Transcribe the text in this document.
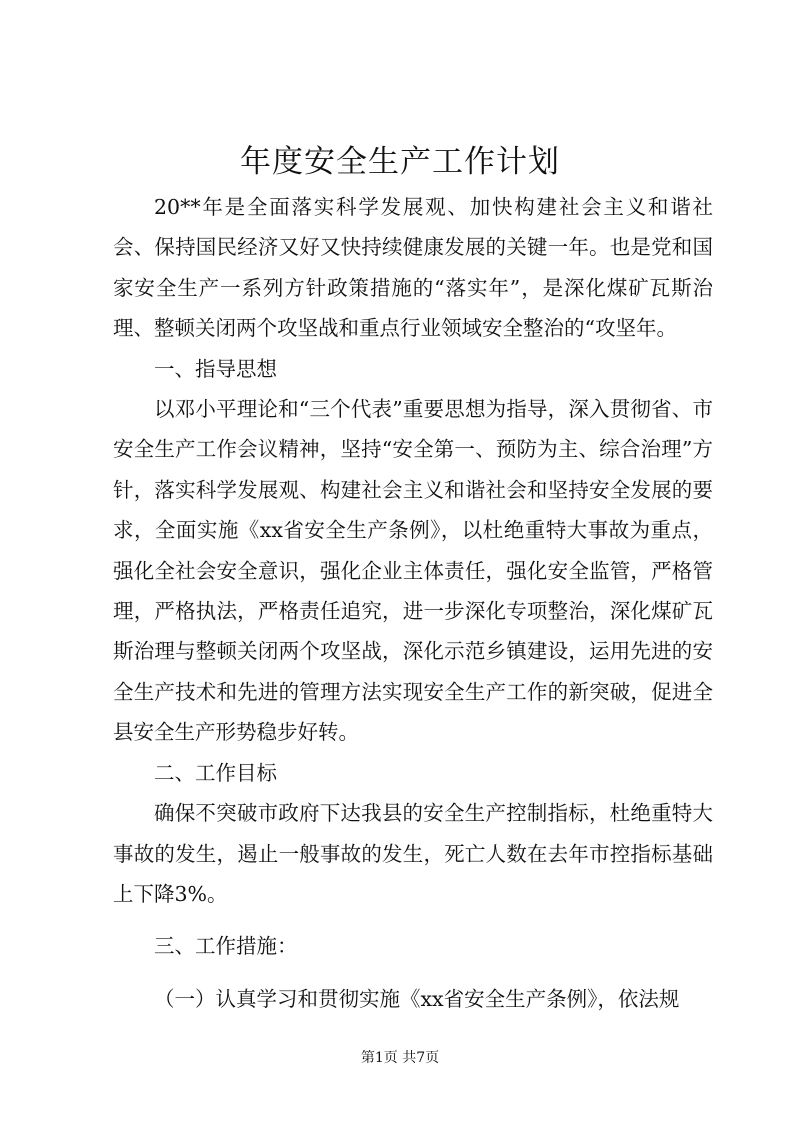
年度安全生产工作计划

20**年是全面落实科学发展观、加快构建社会主义和谐社会、保持国民经济又好又快持续健康发展的关键一年。也是党和国家安全生产一系列方针政策措施的“落实年”，是深化煤矿瓦斯治理、整顿关闭两个攻坚战和重点行业领域安全整治的“攻坚年。

一、指导思想

以邓小平理论和“三个代表”重要思想为指导，深入贯彻省、市安全生产工作会议精神，坚持“安全第一、预防为主、综合治理”方针，落实科学发展观、构建社会主义和谐社会和坚持安全发展的要求，全面实施《xx省安全生产条例》，以杜绝重特大事故为重点，强化全社会安全意识，强化企业主体责任，强化安全监管，严格管理，严格执法，严格责任追究，进一步深化专项整治，深化煤矿瓦斯治理与整顿关闭两个攻坚战，深化示范乡镇建设，运用先进的安全生产技术和先进的管理方法实现安全生产工作的新突破，促进全县安全生产形势稳步好转。

二、工作目标

确保不突破市政府下达我县的安全生产控制指标，杜绝重特大事故的发生，遏止一般事故的发生，死亡人数在去年市控指标基础上下降3%。

三、工作措施：

（一）认真学习和贯彻实施《xx省安全生产条例》，依法规

第1页 共7页
